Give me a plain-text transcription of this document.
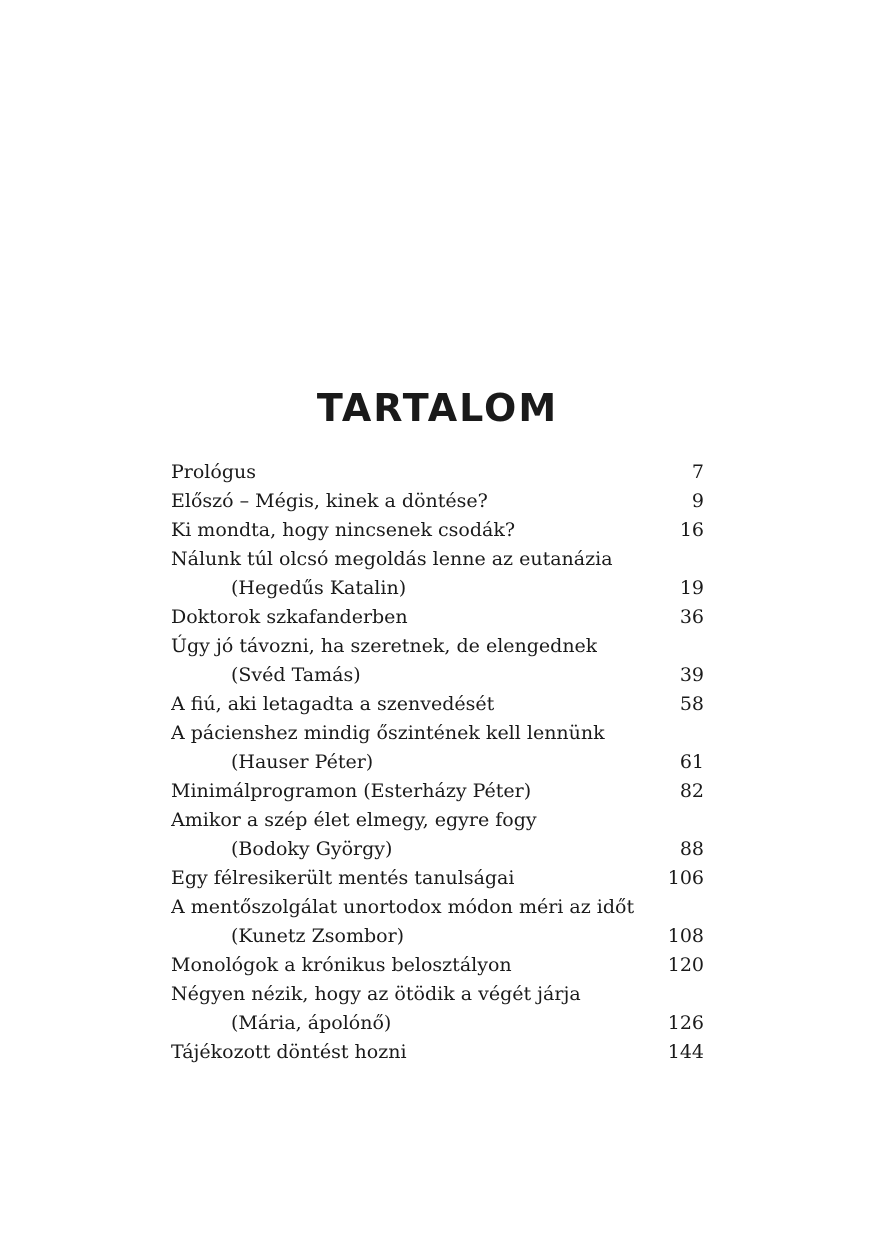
TARTALOM
Prológus	7
Előszó – Mégis, kinek a döntése?	9
Ki mondta, hogy nincsenek csodák?	16
Nálunk túl olcsó megoldás lenne az eutanázia
(Hegedűs Katalin)	19
Doktorok szkafanderben	36
Úgy jó távozni, ha szeretnek, de elengednek
(Svéd Tamás)	39
A fiú, aki letagadta a szenvedését	58
A pácienshez mindig őszintének kell lennünk
(Hauser Péter)	61
Minimálprogramon (Esterházy Péter)	82
Amikor a szép élet elmegy, egyre fogy
(Bodoky György)	88
Egy félresikerült mentés tanulságai	106
A mentőszolgálat unortodox módon méri az időt
(Kunetz Zsombor)	108
Monológok a krónikus belosztályon	120
Négyen nézik, hogy az ötödik a végét járja
(Mária, ápolónő)	126
Tájékozott döntést hozni	144
